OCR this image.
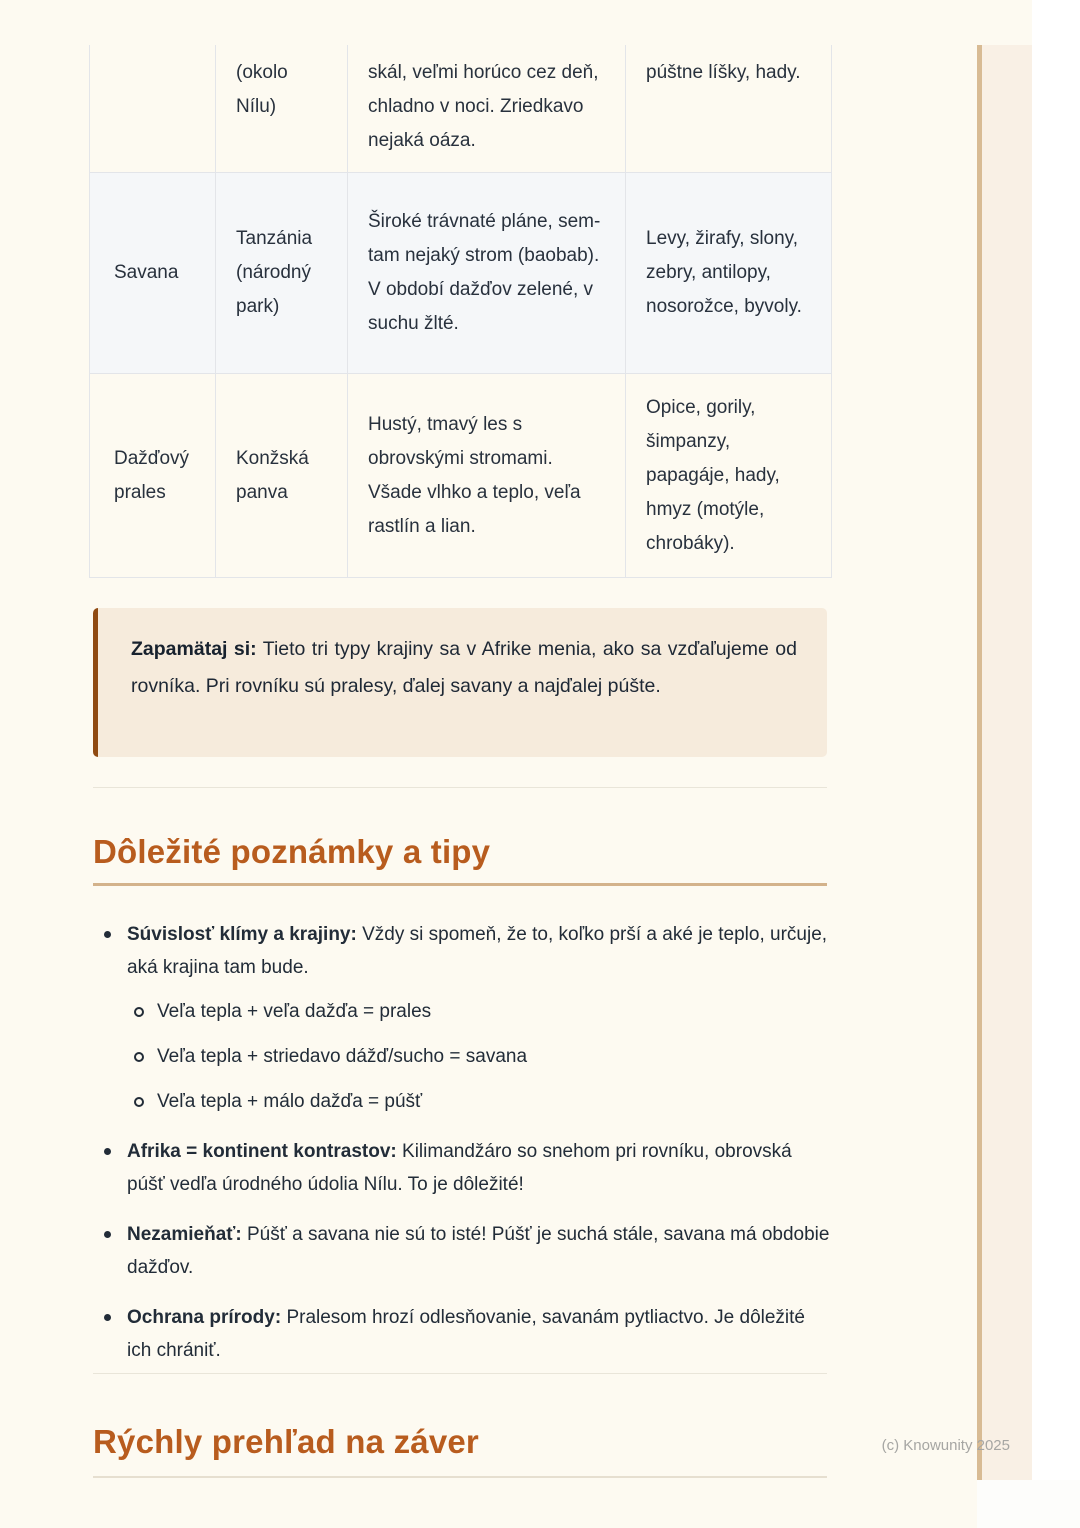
	(okolo Nílu)	skál, veľmi horúco cez deň, chladno v noci. Zriedkavo nejaká oáza.	púštne líšky, hady.
Savana	Tanzánia (národný park)	Široké trávnaté pláne, sem-tam nejaký strom (baobab). V období dažďov zelené, v suchu žlté.	Levy, žirafy, slony, zebry, antilopy, nosorožce, byvoly.
Dažďový prales	Konžská panva	Hustý, tmavý les s obrovskými stromami. Všade vlhko a teplo, veľa rastlín a lian.	Opice, gorily, šimpanzy, papagáje, hady, hmyz (motýle, chrobáky).
Zapamätaj si: Tieto tri typy krajiny sa v Afrike menia, ako sa vzďaľujeme od rovníka. Pri rovníku sú pralesy, ďalej savany a najďalej púšte.
Dôležité poznámky a tipy
Súvislosť klímy a krajiny: Vždy si spomeň, že to, koľko prší a aké je teplo, určuje, aká krajina tam bude.
Veľa tepla + veľa dažďa = prales
Veľa tepla + striedavo dážď/sucho = savana
Veľa tepla + málo dažďa = púšť
Afrika = kontinent kontrastov: Kilimandžáro so snehom pri rovníku, obrovská púšť vedľa úrodného údolia Nílu. To je dôležité!
Nezamieňať: Púšť a savana nie sú to isté! Púšť je suchá stále, savana má obdobie dažďov.
Ochrana prírody: Pralesom hrozí odlesňovanie, savanám pytliactvo. Je dôležité ich chrániť.
Rýchly prehľad na záver	(c) Knowunity 2025
